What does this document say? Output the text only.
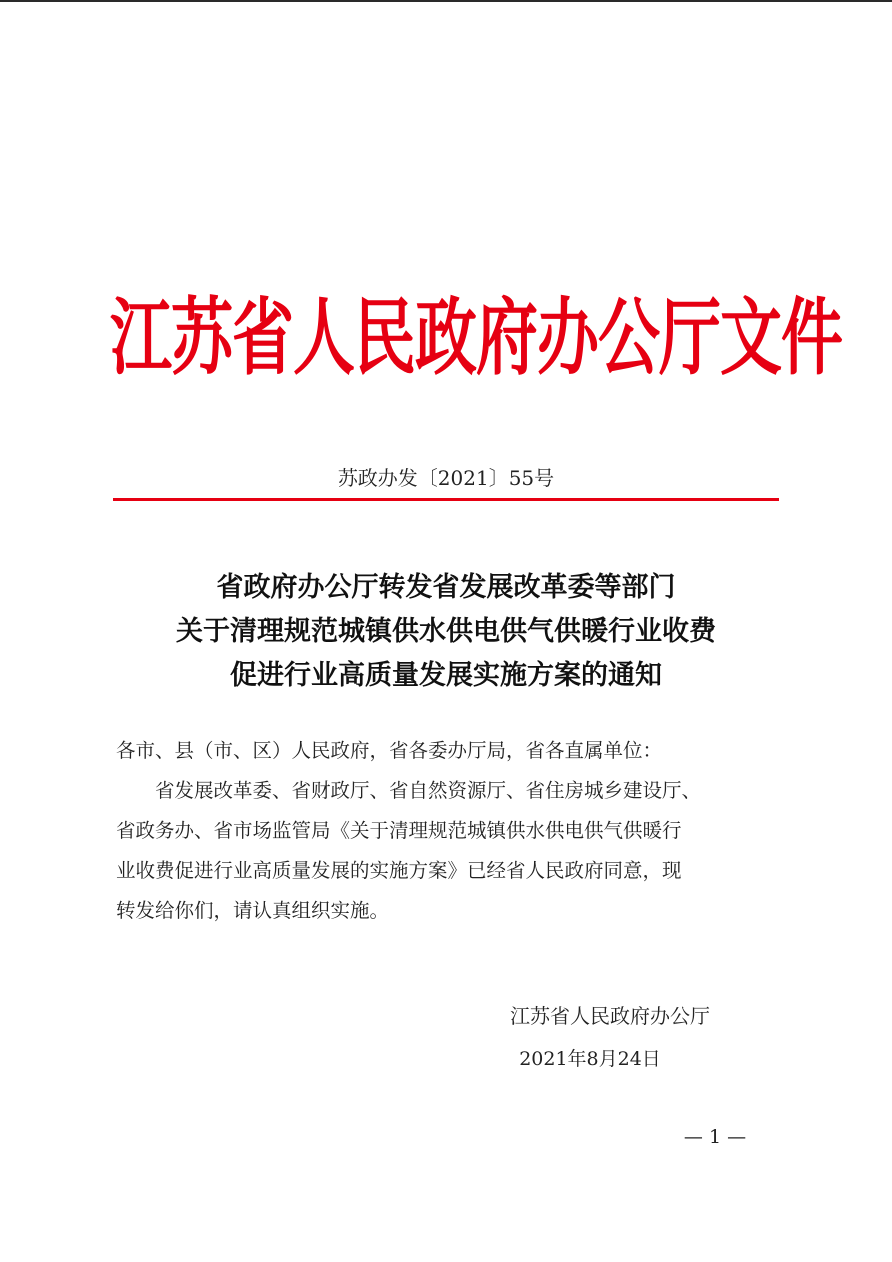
江苏省人民政府办公厅文件
苏政办发〔2021〕55号
省政府办公厅转发省发展改革委等部门
关于清理规范城镇供水供电供气供暖行业收费
促进行业高质量发展实施方案的通知

各市、县（市、区）人民政府，省各委办厅局，省各直属单位：

省发展改革委、省财政厅、省自然资源厅、省住房城乡建设厅、

省政务办、省市场监管局《关于清理规范城镇供水供电供气供暖行

业收费促进行业高质量发展的实施方案》已经省人民政府同意，现

转发给你们，请认真组织实施。

江苏省人民政府办公厅
2021年8月24日
— 1 —
